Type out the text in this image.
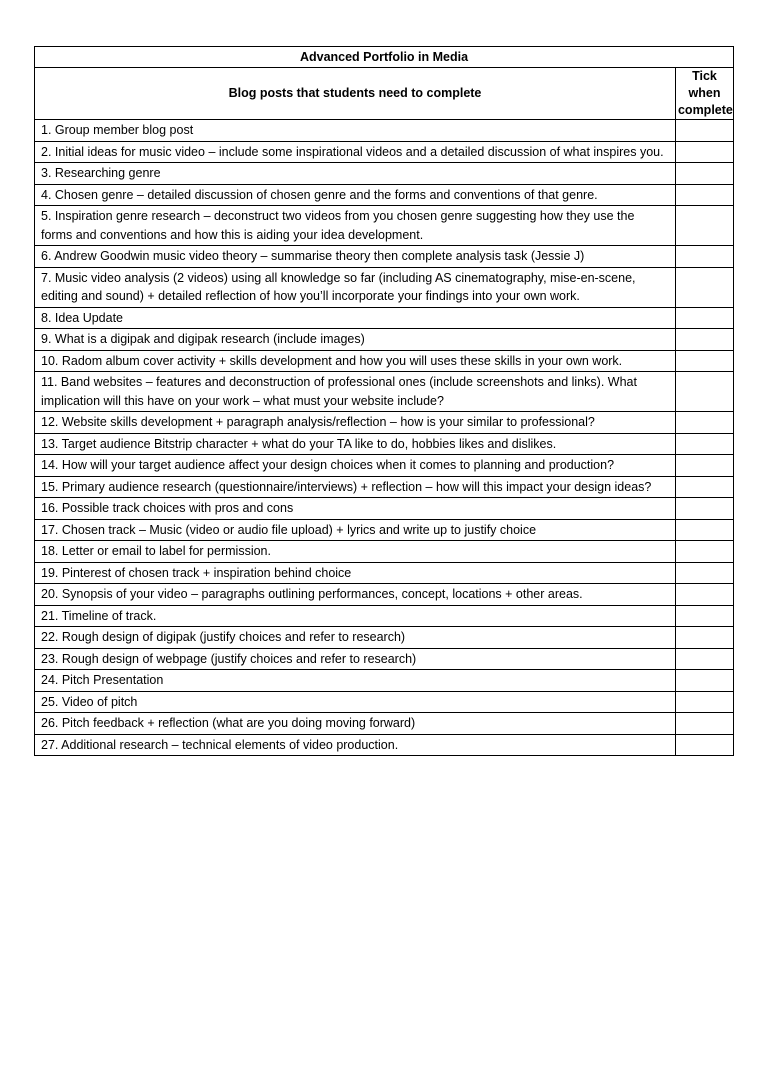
Advanced Portfolio in Media	
Blog posts that students need to complete	Tick
when
complete

1. Group member blog post	
2. Initial ideas for music video – include some inspirational videos and a detailed discussion of what inspires you.	
3. Researching genre	
4. Chosen genre – detailed discussion of chosen genre and the forms and conventions of that genre.	
5. Inspiration genre research – deconstruct two videos from you chosen genre suggesting how they use the forms and conventions and how this is aiding your idea development.	
6. Andrew Goodwin music video theory – summarise theory then complete analysis task (Jessie J)	
7. Music video analysis (2 videos) using all knowledge so far (including AS cinematography, mise-en-scene, editing and sound) + detailed reflection of how you’ll incorporate your findings into your own work.	
8. Idea Update	
9. What is a digipak and digipak research (include images)	
10. Radom album cover activity + skills development and how you will uses these skills in your own work.	
11. Band websites – features and deconstruction of professional ones (include screenshots and links). What implication will this have on your work – what must your website include?	
12. Website skills development + paragraph analysis/reflection – how is your similar to professional?	
13. Target audience Bitstrip character + what do your TA like to do, hobbies likes and dislikes.	
14. How will your target audience affect your design choices when it comes to planning and production?	
15. Primary audience research (questionnaire/interviews) + reflection – how will this impact your design ideas?	
16. Possible track choices with pros and cons	
17. Chosen track – Music (video or audio file upload) + lyrics and write up to justify choice	
18. Letter or email to label for permission.	
19. Pinterest of chosen track + inspiration behind choice	
20. Synopsis of your video – paragraphs outlining performances, concept, locations + other areas.	
21. Timeline of track.	
22. Rough design of digipak (justify choices and refer to research)	
23. Rough design of webpage (justify choices and refer to research)	
24. Pitch Presentation	
25. Video of pitch	
26. Pitch feedback + reflection (what are you doing moving forward)	
27. Additional research – technical elements of video production.	
